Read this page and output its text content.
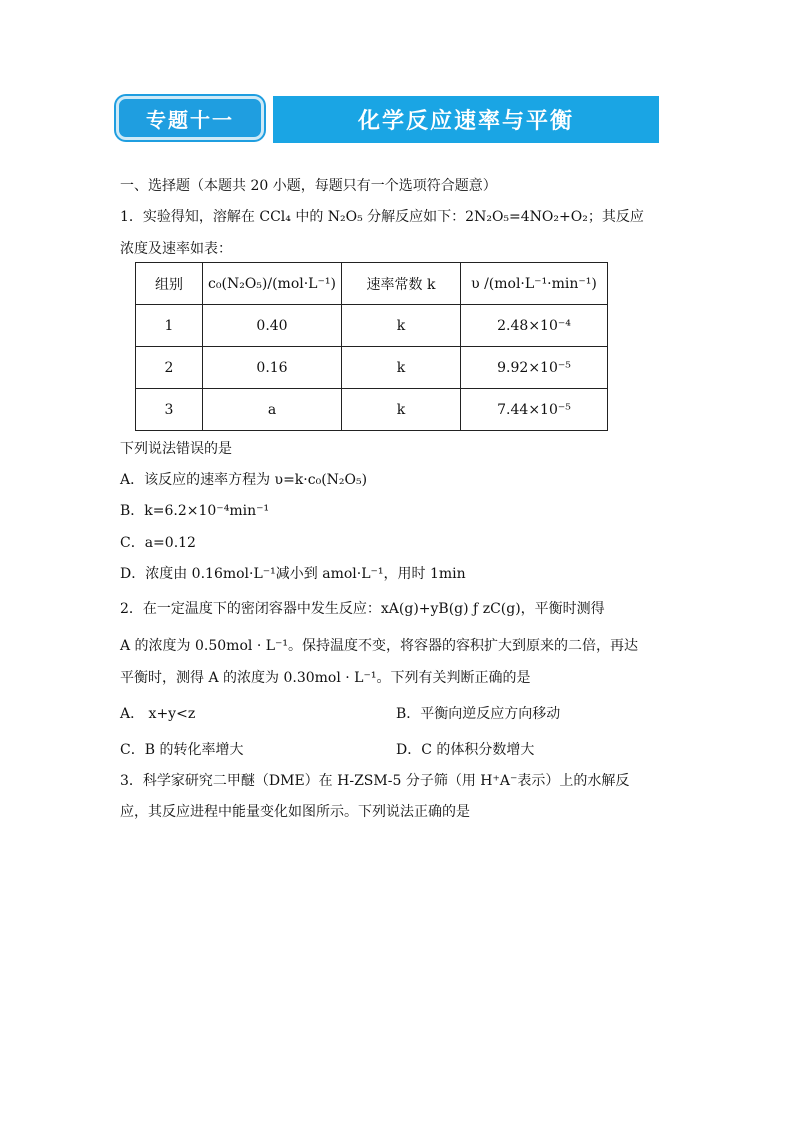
专题十一	化学反应速率与平衡
一、选择题（本题共 20 小题，每题只有一个选项符合题意）
1．实验得知，溶解在 CCl₄ 中的 N₂O₅ 分解反应如下：2N₂O₅=4NO₂+O₂；其反应
浓度及速率如表：
组别	c₀(N₂O₅)/(mol·L⁻¹)	速率常数 k	υ /(mol·L⁻¹·min⁻¹)
1	0.40	k	2.48×10⁻⁴
2	0.16	k	9.92×10⁻⁵
3	a	k	7.44×10⁻⁵
下列说法错误的是
A．该反应的速率方程为 υ=k·c₀(N₂O₅)
B．k=6.2×10⁻⁴min⁻¹
C．a=0.12
D．浓度由 0.16mol·L⁻¹减小到 amol·L⁻¹，用时 1min
2．在一定温度下的密闭容器中发生反应：xA(g)+yB(g) ƒ zC(g)，平衡时测得
A 的浓度为 0.50mol · L⁻¹。保持温度不变，将容器的容积扩大到原来的二倍，再达
平衡时，测得 A 的浓度为 0.30mol · L⁻¹。下列有关判断正确的是
A． x+y<z	B．平衡向逆反应方向移动
C．B 的转化率增大	D．C 的体积分数增大
3．科学家研究二甲醚（DME）在 H-ZSM-5 分子筛（用 H⁺A⁻表示）上的水解反
应，其反应进程中能量变化如图所示。下列说法正确的是
